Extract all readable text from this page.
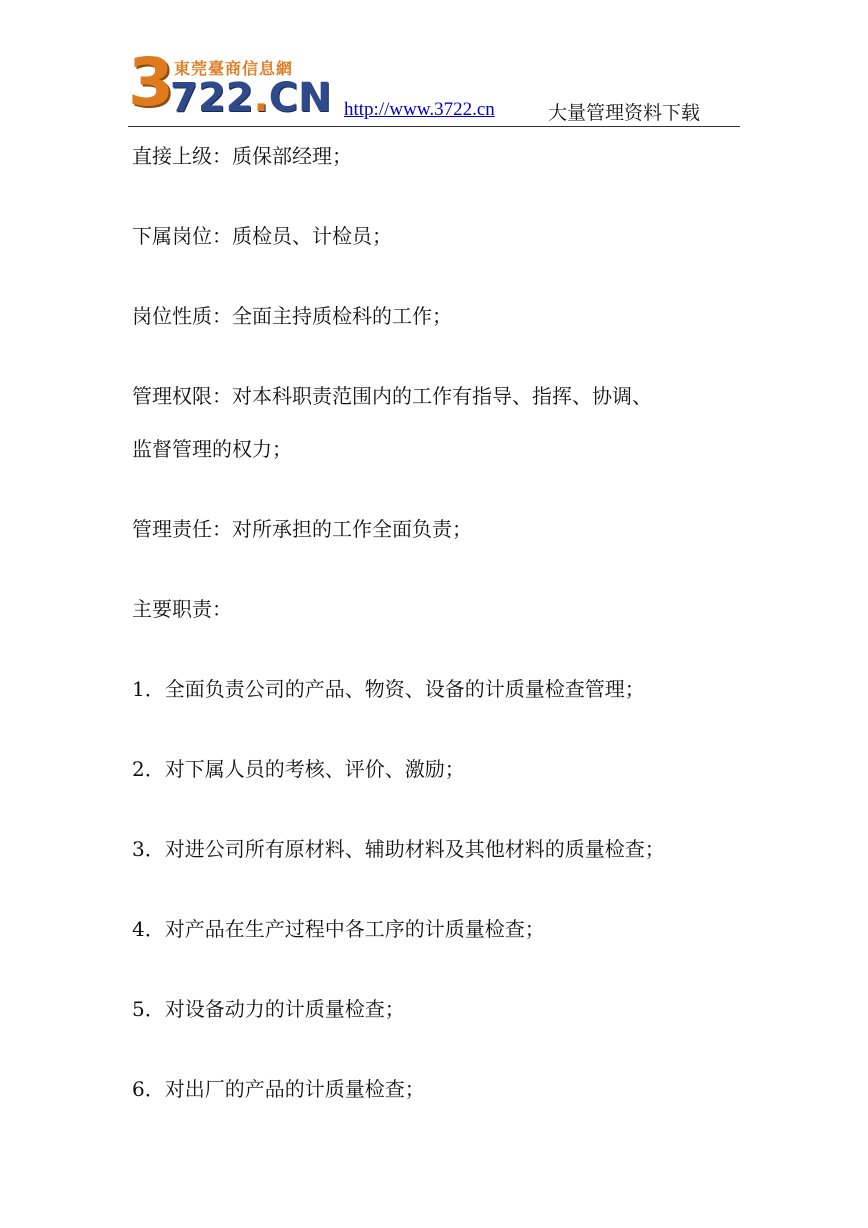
3 東莞臺商信息網
722.CN http://www.3722.cn	大量管理资料下载

直接上级：质保部经理；

下属岗位：质检员、计检员；

岗位性质：全面主持质检科的工作；

管理权限：对本科职责范围内的工作有指导、指挥、协调、

监督管理的权力；

管理责任：对所承担的工作全面负责；

主要职责：

1．全面负责公司的产品、物资、设备的计质量检查管理；

2．对下属人员的考核、评价、激励；

3．对进公司所有原材料、辅助材料及其他材料的质量检查；

4．对产品在生产过程中各工序的计质量检查；

5．对设备动力的计质量检查；

6．对出厂的产品的计质量检查；
